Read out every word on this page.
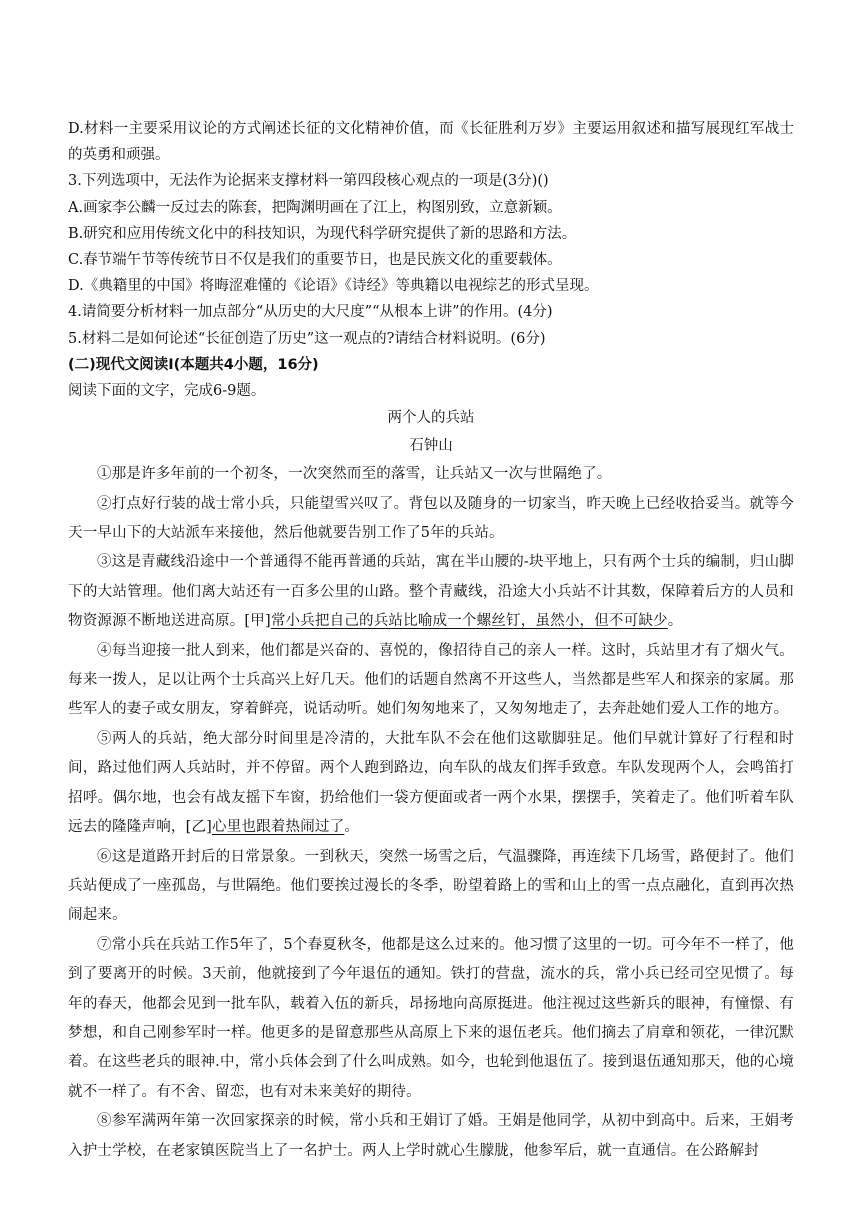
D.材料一主要采用议论的方式阐述长征的文化精神价值，而《长征胜利万岁》主要运用叙述和描写展现红军战士的英勇和顽强。

3.下列选项中，无法作为论据来支撑材料一第四段核心观点的一项是(3分)()

A.画家李公麟一反过去的陈套，把陶渊明画在了江上，构图别致，立意新颖。

B.研究和应用传统文化中的科技知识，为现代科学研究提供了新的思路和方法。

C.春节端午节等传统节日不仅是我们的重要节日，也是民族文化的重要载体。

D.《典籍里的中国》将晦涩难懂的《论语》《诗经》等典籍以电视综艺的形式呈现。

4.请简要分析材料一加点部分“从历史的大尺度”“从根本上讲”的作用。(4分)

5.材料二是如何论述“长征创造了历史”这一观点的?请结合材料说明。(6分)

(二)现代文阅读Ⅰ(本题共4小题，16分)

阅读下面的文字，完成6-9题。

两个人的兵站

石钟山

①那是许多年前的一个初冬，一次突然而至的落雪，让兵站又一次与世隔绝了。

②打点好行装的战士常小兵，只能望雪兴叹了。背包以及随身的一切家当，昨天晚上已经收拾妥当。就等今天一早山下的大站派车来接他，然后他就要告别工作了5年的兵站。

③这是青藏线沿途中一个普通得不能再普通的兵站，寓在半山腰的-块平地上，只有两个士兵的编制，归山脚下的大站管理。他们离大站还有一百多公里的山路。整个青藏线，沿途大小兵站不计其数，保障着后方的人员和物资源源不断地送进高原。[甲]常小兵把自己的兵站比喻成一个螺丝钉，虽然小，但不可缺少。

④每当迎接一批人到来，他们都是兴奋的、喜悦的，像招待自己的亲人一样。这时，兵站里才有了烟火气。每来一拨人，足以让两个士兵高兴上好几天。他们的话题自然离不开这些人，当然都是些军人和探亲的家属。那些军人的妻子或女朋友，穿着鲜亮，说话动听。她们匆匆地来了，又匆匆地走了，去奔赴她们爱人工作的地方。

⑤两人的兵站，绝大部分时间里是冷清的，大批车队不会在他们这歇脚驻足。他们早就计算好了行程和时间，路过他们两人兵站时，并不停留。两个人跑到路边，向车队的战友们挥手致意。车队发现两个人，会鸣笛打招呼。偶尔地，也会有战友摇下车窗，扔给他们一袋方便面或者一两个水果，摆摆手，笑着走了。他们听着车队远去的隆隆声响，[乙]心里也跟着热闹过了。

⑥这是道路开封后的日常景象。一到秋天，突然一场雪之后，气温骤降，再连续下几场雪，路便封了。他们兵站便成了一座孤岛，与世隔绝。他们要挨过漫长的冬季，盼望着路上的雪和山上的雪一点点融化，直到再次热闹起来。

⑦常小兵在兵站工作5年了，5个春夏秋冬，他都是这么过来的。他习惯了这里的一切。可今年不一样了，他到了要离开的时候。3天前，他就接到了今年退伍的通知。铁打的营盘，流水的兵，常小兵已经司空见惯了。每年的春天，他都会见到一批车队，载着入伍的新兵，昂扬地向高原挺进。他注视过这些新兵的眼神，有憧憬、有梦想，和自己刚参军时一样。他更多的是留意那些从高原上下来的退伍老兵。他们摘去了肩章和领花，一律沉默着。在这些老兵的眼神.中，常小兵体会到了什么叫成熟。如今，也轮到他退伍了。接到退伍通知那天，他的心境就不一样了。有不舍、留恋，也有对未来美好的期待。

⑧参军满两年第一次回家探亲的时候，常小兵和王娟订了婚。王娟是他同学，从初中到高中。后来，王娟考入护士学校，在老家镇医院当上了一名护士。两人上学时就心生朦胧，他参军后，就一直通信。在公路解封
